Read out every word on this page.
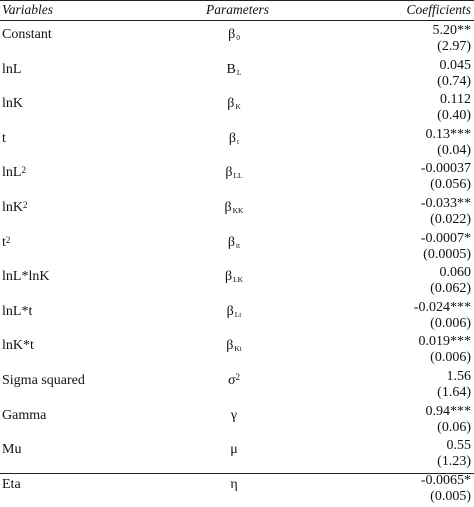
Variables	Parameters	Coefficients
Constant	$\beta_0$	5.20**
(2.97)
lnL	$B_L$	0.045
(0.74)
lnK	$\beta_K$	0.112
(0.40)
t	$\beta_t$	0.13***
(0.04)
lnL$^2$	$\beta_{LL}$	-0.00037
(0.056)
lnK$^2$	$\beta_{KK}$	-0.033**
(0.022)
$t^2$	$\beta_{tt}$	-0.0007*
(0.0005)
lnL*lnK	$\beta_{LK}$	0.060
(0.062)
lnL*t	$\beta_{Lt}$	-0.024***
(0.006)
lnK*t	$\beta_{Kt}$	0.019***
(0.006)
Sigma squared	$\sigma^2$	1.56
(1.64)
Gamma	γ	0.94***
(0.06)
Mu	μ	0.55
(1.23)
Eta	η	-0.0065*
(0.005)
